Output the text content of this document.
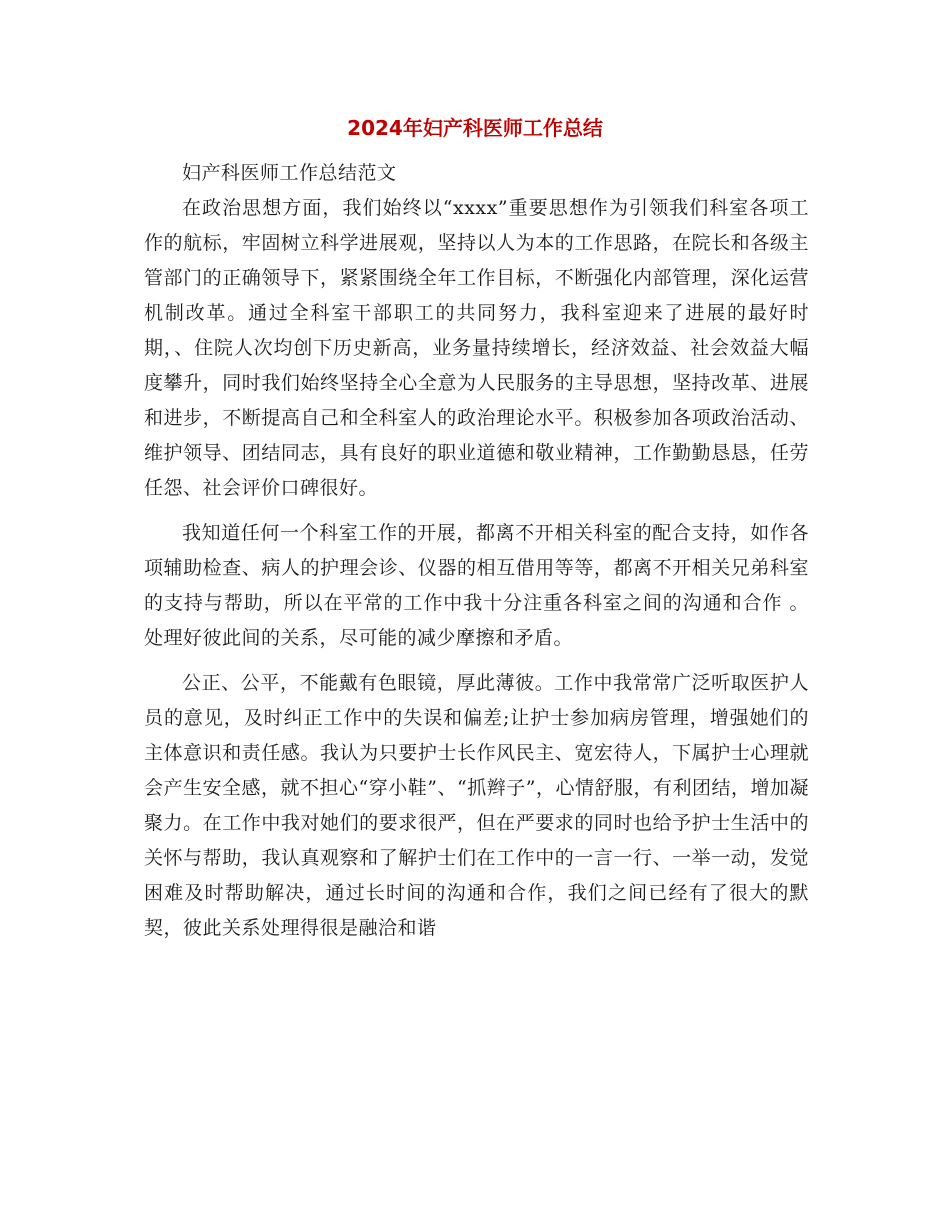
2024年妇产科医师工作总结

妇产科医师工作总结范文

在政治思想方面，我们始终以“xxxx”重要思想作为引领我们科室各项工作的航标，牢固树立科学进展观，坚持以人为本的工作思路，在院长和各级主管部门的正确领导下，紧紧围绕全年工作目标，不断强化内部管理，深化运营机制改革。通过全科室干部职工的共同努力，我科室迎来了进展的最好时期，、住院人次均创下历史新高，业务量持续增长，经济效益、社会效益大幅度攀升，同时我们始终坚持全心全意为人民服务的主导思想，坚持改革、进展和进步，不断提高自己和全科室人的政治理论水平。积极参加各项政治活动、维护领导、团结同志，具有良好的职业道德和敬业精神，工作勤勤恳恳，任劳任怨、社会评价口碑很好。

我知道任何一个科室工作的开展，都离不开相关科室的配合支持，如作各项辅助检查、病人的护理会诊、仪器的相互借用等等，都离不开相关兄弟科室的支持与帮助，所以在平常的工作中我十分注重各科室之间的沟通和合作 。处理好彼此间的关系，尽可能的减少摩擦和矛盾。

公正、公平，不能戴有色眼镜，厚此薄彼。工作中我常常广泛听取医护人员的意见，及时纠正工作中的失误和偏差;让护士参加病房管理，增强她们的主体意识和责任感。我认为只要护士长作风民主、宽宏待人，下属护士心理就会产生安全感，就不担心“穿小鞋”、“抓辫子”，心情舒服，有利团结，增加凝聚力。在工作中我对她们的要求很严，但在严要求的同时也给予护士生活中的关怀与帮助，我认真观察和了解护士们在工作中的一言一行、一举一动，发觉困难及时帮助解决，通过长时间的沟通和合作，我们之间已经有了很大的默契，彼此关系处理得很是融洽和谐
